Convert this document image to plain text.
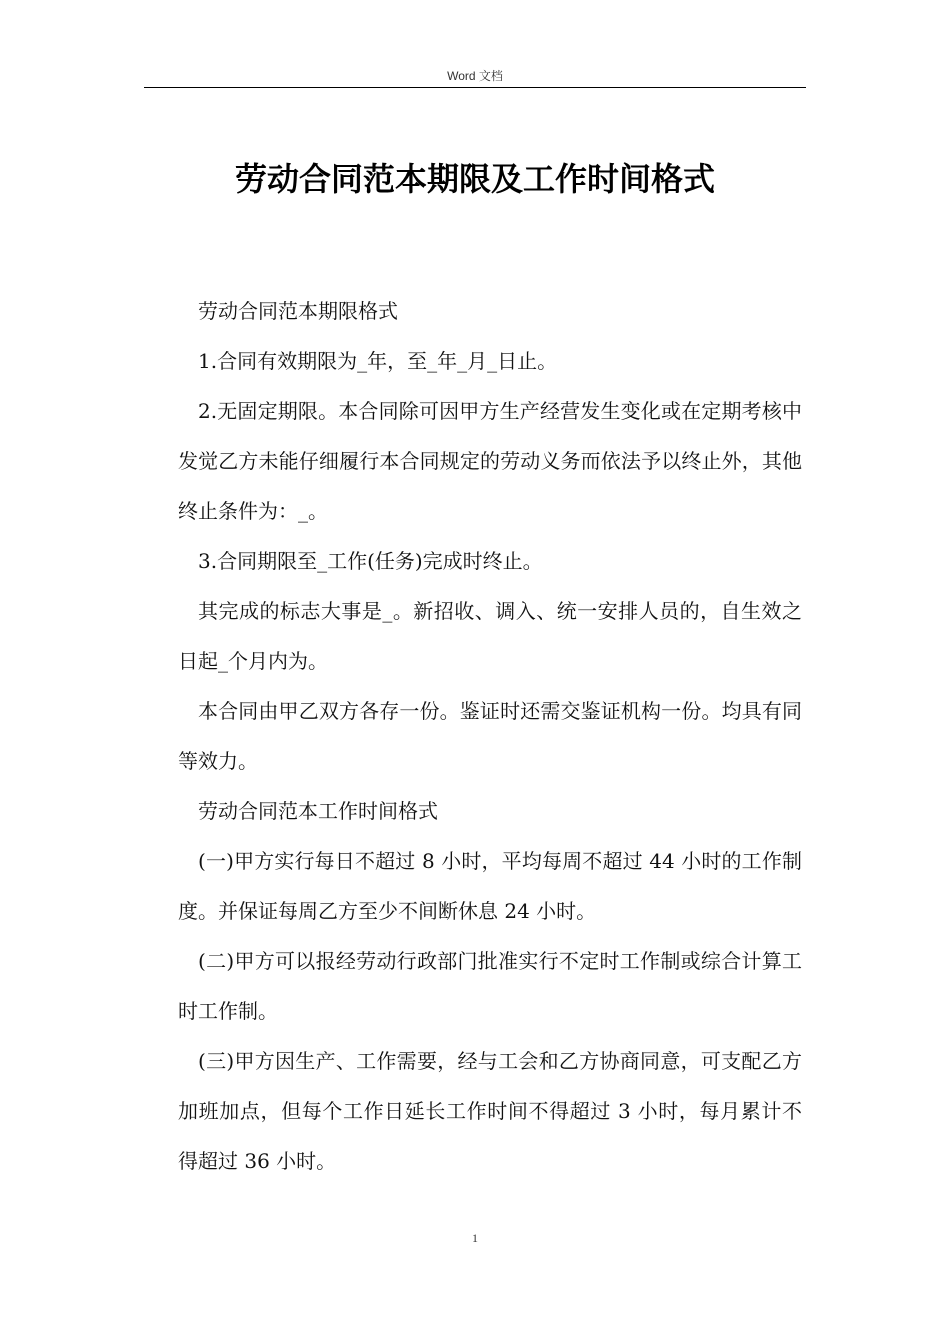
Word 文档
劳动合同范本期限及工作时间格式

劳动合同范本期限格式

1.合同有效期限为_年，至_年_月_日止。

2.无固定期限。本合同除可因甲方生产经营发生变化或在定期考核中发觉乙方未能仔细履行本合同规定的劳动义务而依法予以终止外，其他终止条件为：_。

3.合同期限至_工作(任务)完成时终止。

其完成的标志大事是_。新招收、调入、统一安排人员的，自生效之日起_个月内为。

本合同由甲乙双方各存一份。鉴证时还需交鉴证机构一份。均具有同等效力。

劳动合同范本工作时间格式

(一)甲方实行每日不超过 8 小时，平均每周不超过 44 小时的工作制度。并保证每周乙方至少不间断休息 24 小时。

(二)甲方可以报经劳动行政部门批准实行不定时工作制或综合计算工时工作制。

(三)甲方因生产、工作需要，经与工会和乙方协商同意，可支配乙方加班加点，但每个工作日延长工作时间不得超过 3 小时，每月累计不得超过 36 小时。

1
